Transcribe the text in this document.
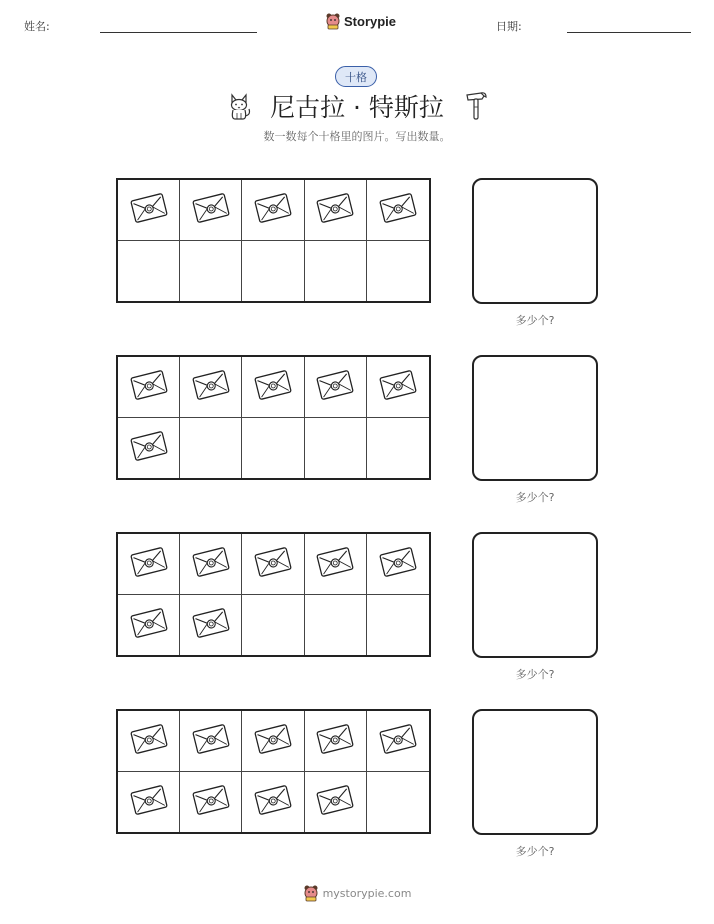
姓名:	Storypie	日期:
十格
尼古拉 · 特斯拉
数一数每个十格里的图片。写出数量。
多少个?
多少个?
多少个?
多少个?
mystorypie.com
